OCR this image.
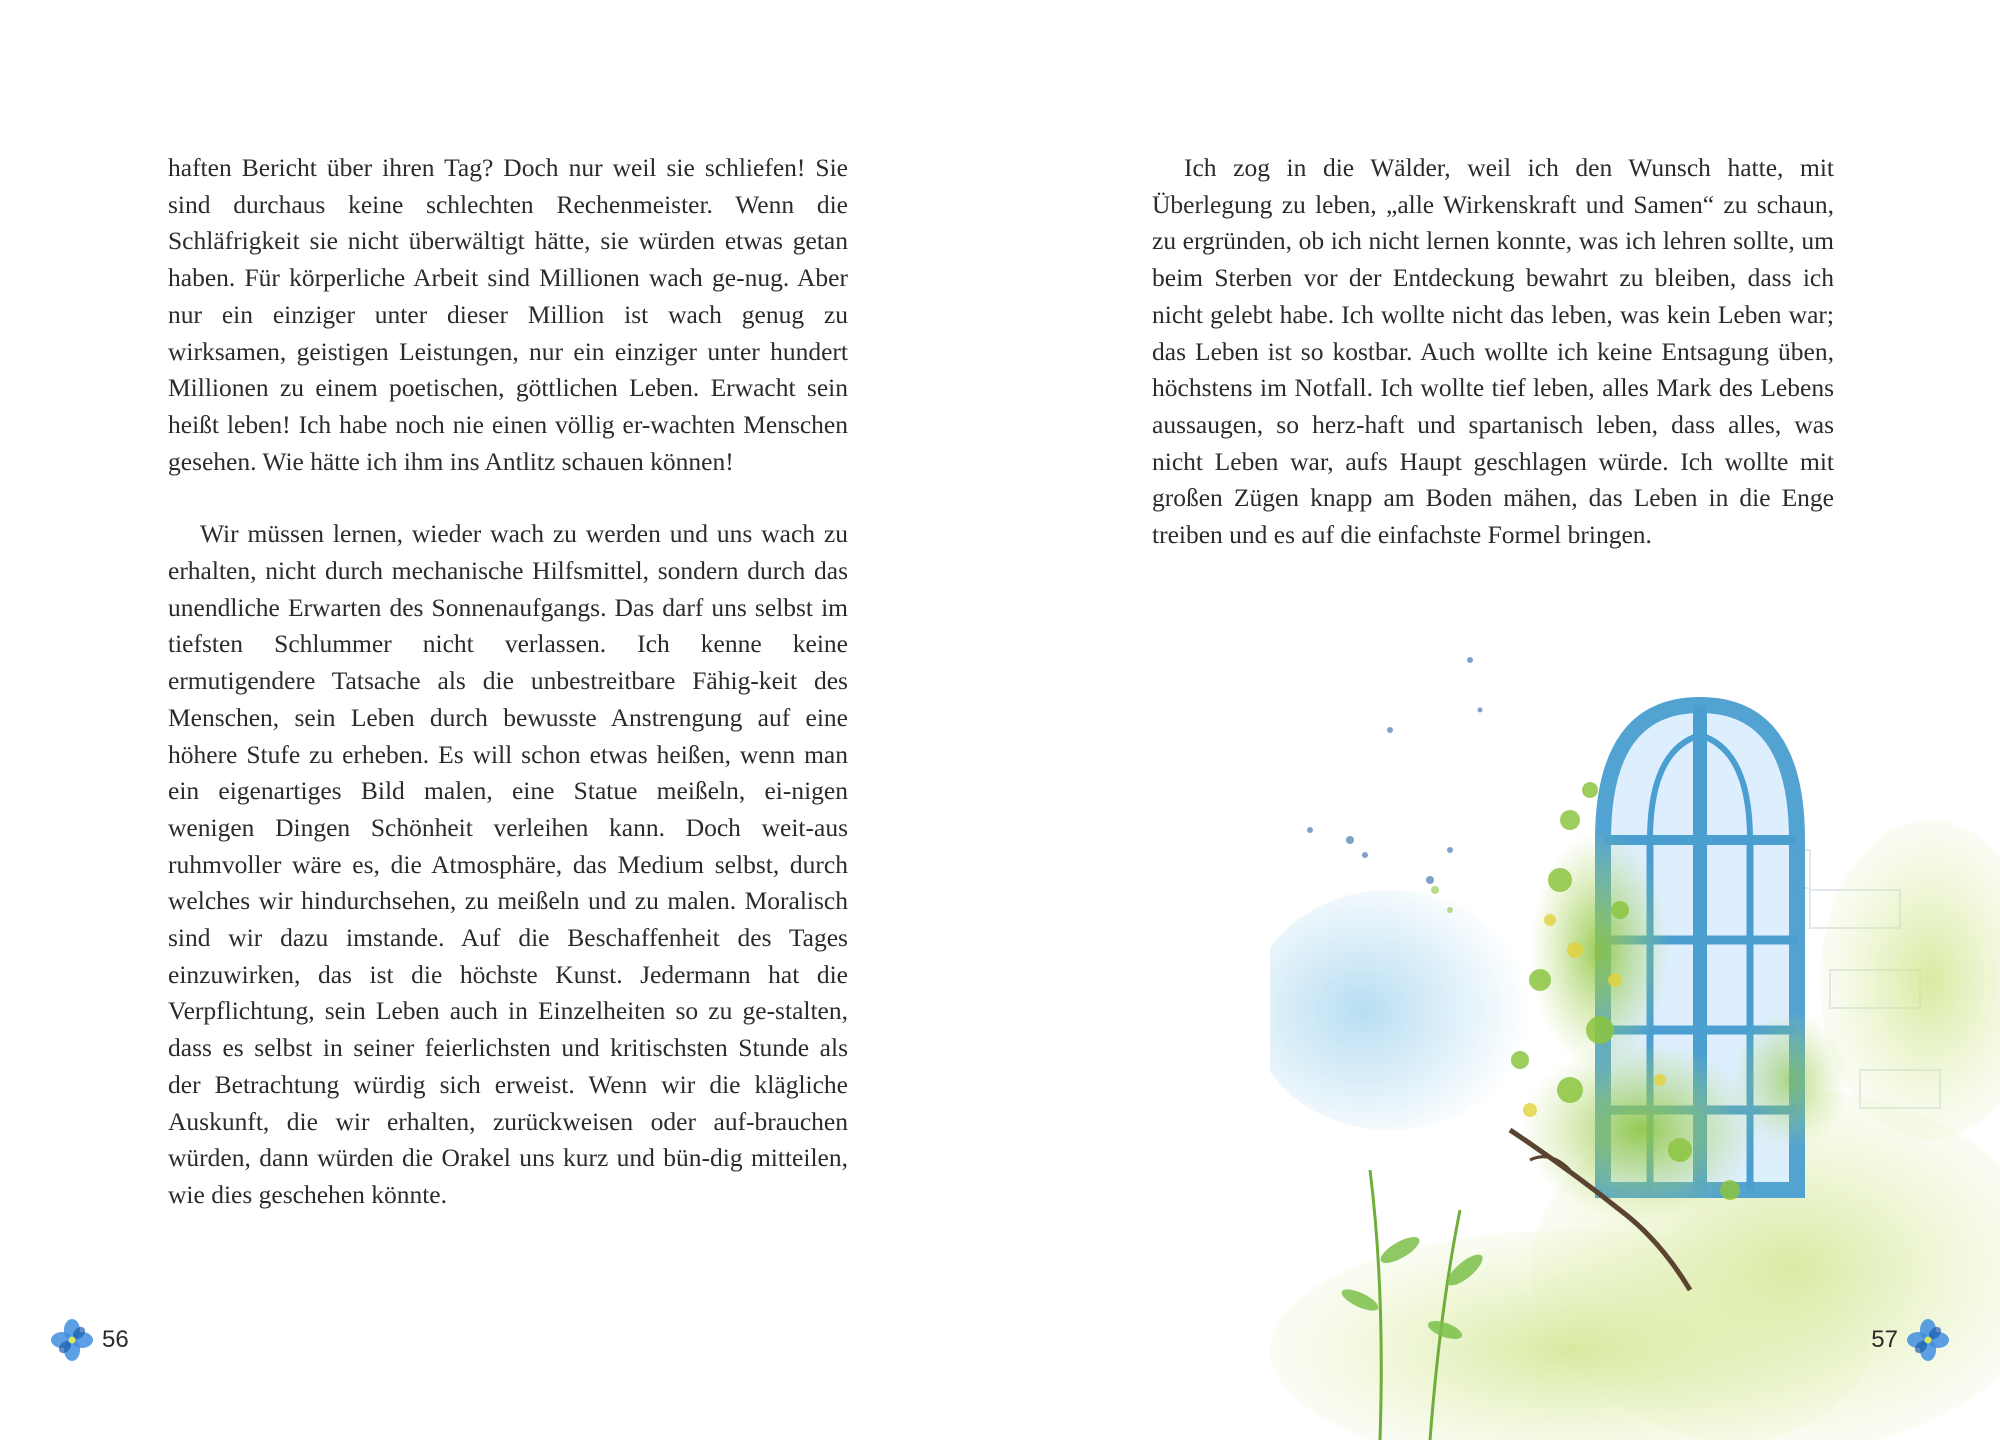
haften Bericht über ihren Tag? Doch nur weil sie schliefen! Sie sind durchaus keine schlechten Rechenmeister. Wenn die Schläfrigkeit sie nicht überwältigt hätte, sie würden etwas getan haben. Für körperliche Arbeit sind Millionen wach ge-nug. Aber nur ein einziger unter dieser Million ist wach genug zu wirksamen, geistigen Leistungen, nur ein einziger unter hundert Millionen zu einem poetischen, göttlichen Leben. Erwacht sein heißt leben! Ich habe noch nie einen völlig er-wachten Menschen gesehen. Wie hätte ich ihm ins Antlitz schauen können!

Wir müssen lernen, wieder wach zu werden und uns wach zu erhalten, nicht durch mechanische Hilfsmittel, sondern durch das unendliche Erwarten des Sonnenaufgangs. Das darf uns selbst im tiefsten Schlummer nicht verlassen. Ich kenne keine ermutigendere Tatsache als die unbestreitbare Fähig-keit des Menschen, sein Leben durch bewusste Anstrengung auf eine höhere Stufe zu erheben. Es will schon etwas heißen, wenn man ein eigenartiges Bild malen, eine Statue meißeln, ei-nigen wenigen Dingen Schönheit verleihen kann. Doch weit-aus ruhmvoller wäre es, die Atmosphäre, das Medium selbst, durch welches wir hindurchsehen, zu meißeln und zu malen. Moralisch sind wir dazu imstande. Auf die Beschaffenheit des Tages einzuwirken, das ist die höchste Kunst. Jedermann hat die Verpflichtung, sein Leben auch in Einzelheiten so zu ge-stalten, dass es selbst in seiner feierlichsten und kritischsten Stunde als der Betrachtung würdig sich erweist. Wenn wir die klägliche Auskunft, die wir erhalten, zurückweisen oder auf-brauchen würden, dann würden die Orakel uns kurz und bün-dig mitteilen, wie dies geschehen könnte.

56

Ich zog in die Wälder, weil ich den Wunsch hatte, mit Überlegung zu leben, „alle Wirkenskraft und Samen“ zu schaun, zu ergründen, ob ich nicht lernen konnte, was ich lehren sollte, um beim Sterben vor der Entdeckung bewahrt zu bleiben, dass ich nicht gelebt habe. Ich wollte nicht das leben, was kein Leben war; das Leben ist so kostbar. Auch wollte ich keine Entsagung üben, höchstens im Notfall. Ich wollte tief leben, alles Mark des Lebens aussaugen, so herz-haft und spartanisch leben, dass alles, was nicht Leben war, aufs Haupt geschlagen würde. Ich wollte mit großen Zügen knapp am Boden mähen, das Leben in die Enge treiben und es auf die einfachste Formel bringen.

57
